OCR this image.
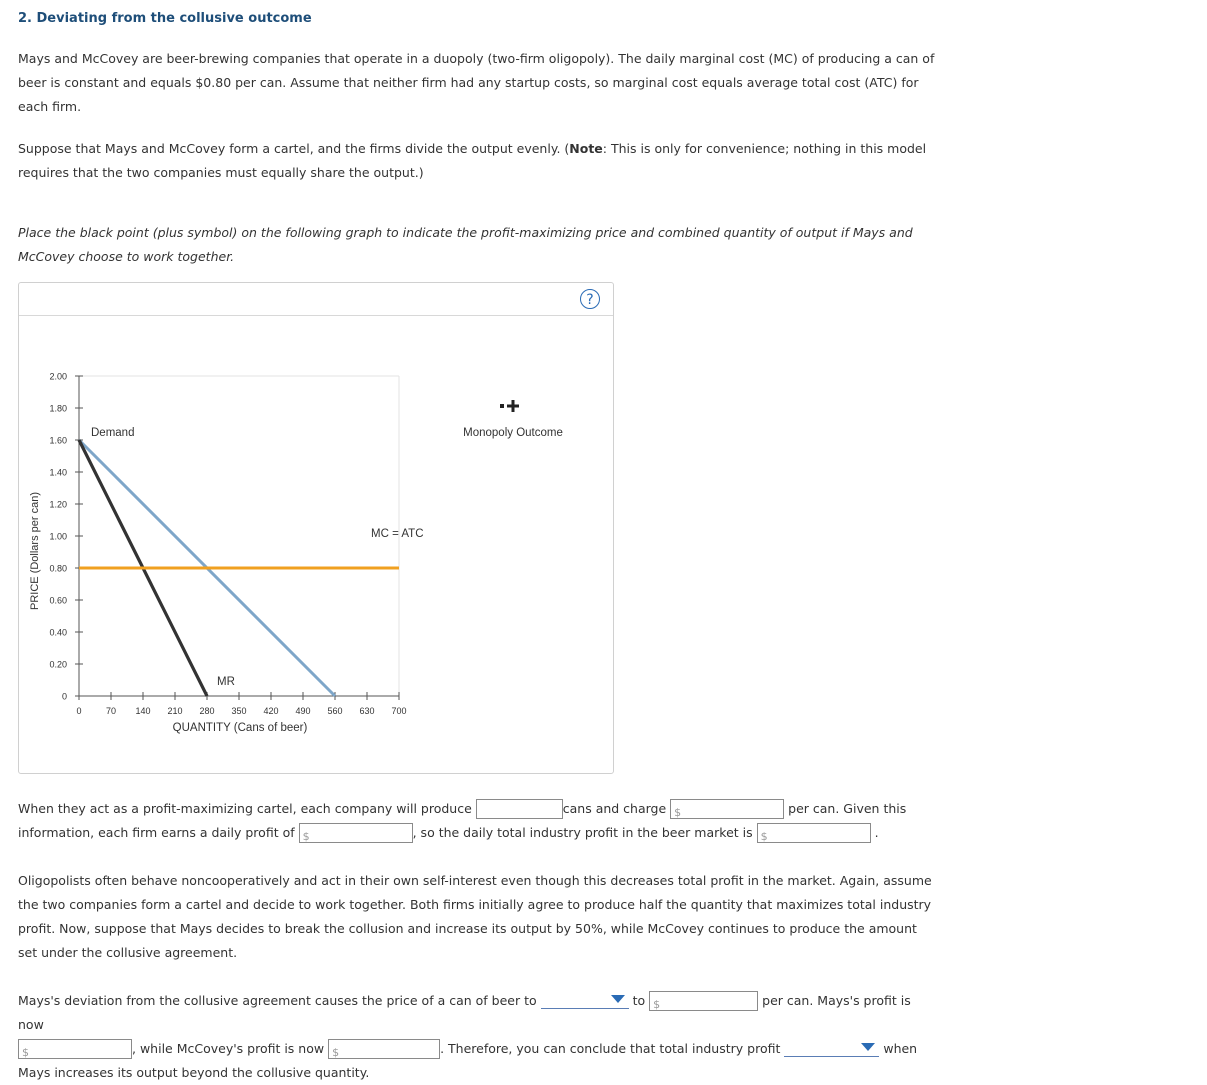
2. Deviating from the collusive outcome

Mays and McCovey are beer-brewing companies that operate in a duopoly (two-firm oligopoly). The daily marginal cost (MC) of producing a can of beer is constant and equals $0.80 per can. Assume that neither firm had any startup costs, so marginal cost equals average total cost (ATC) for each firm.

Suppose that Mays and McCovey form a cartel, and the firms divide the output evenly. (Note: This is only for convenience; nothing in this model requires that the two companies must equally share the output.)

Place the black point (plus symbol) on the following graph to indicate the profit-maximizing price and combined quantity of output if Mays and McCovey choose to work together.

?
0
0.20
0.40
0.60
0.80
1.00
1.20
1.40
1.60
1.80
2.00
0	70 140 210 280 350 420 490 560 630 700
PRICE (Dollars per can)
QUANTITY (Cans of beer)
Demand
MR
MC = ATC
Monopoly Outcome
When they act as a profit-maximizing cartel, each company will produce	cans and charge $	per can. Given this
information, each firm earns a daily profit of $	, so the daily total industry profit in the beer market is $	.

Oligopolists often behave noncooperatively and act in their own self-interest even though this decreases total profit in the market. Again, assume the two companies form a cartel and decide to work together. Both firms initially agree to produce half the quantity that maximizes total industry profit. Now, suppose that Mays decides to break the collusion and increase its output by 50%, while McCovey continues to produce the amount set under the collusive agreement.

Mays's deviation from the collusive agreement causes the price of a can of beer to	to $	per can. Mays's profit is now

$	, while McCovey's profit is now $	. Therefore, you can conclude that total industry profit	when
Mays increases its output beyond the collusive quantity.
